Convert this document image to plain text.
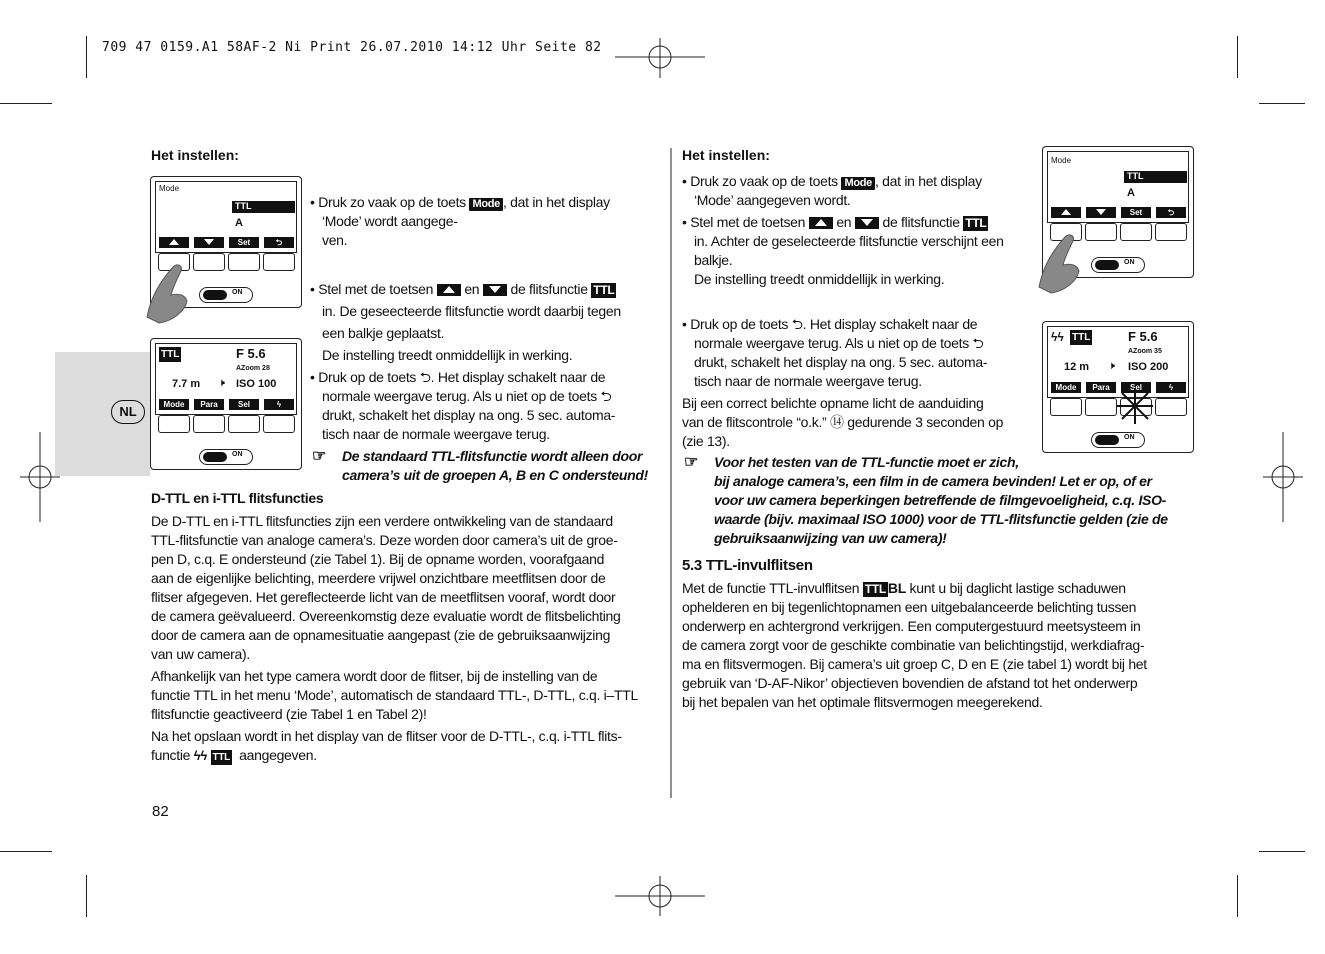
709 47 0159.A1 58AF-2 Ni Print 26.07.2010 14:12 Uhr Seite 82
NL
Mode
TTL
A
Set	⮌
ON
TTL	F 5.6
AZoom 28
7.7 m 🕨 ISO 100
Mode	Para	Sel	ϟ
ON
Het instellen:
• Druk zo vaak op de toets Mode , dat in het display
‘Mode’ wordt aangege-
ven.
• Stel met de toetsen en de flitsfunctie TTL
in. De geseecteerde flitsfunctie wordt daarbij tegen
een balkje geplaatst.
De instelling treedt onmiddellijk in werking.
• Druk op de toets ⮌. Het display schakelt naar de
normale weergave terug. Als u niet op de toets ⮌
drukt, schakelt het display na ong. 5 sec. automa-
tisch naar de normale weergave terug.
☞	De standaard TTL-flitsfunctie wordt alleen door
camera’s uit de groepen A, B en C ondersteund!
D-TTL en i-TTL flitsfuncties
De D-TTL en i-TTL flitsfuncties zijn een verdere ontwikkeling van de standaard
TTL-flitsfunctie van analoge camera’s. Deze worden door camera’s uit de groe-
pen D, c.q. E ondersteund (zie Tabel 1). Bij de opname worden, voorafgaand
aan de eigenlijke belichting, meerdere vrijwel onzichtbare meetflitsen door de
flitser afgegeven. Het gereflecteerde licht van de meetflitsen vooraf, wordt door
de camera geëvalueerd. Overeenkomstig deze evaluatie wordt de flitsbelichting
door de camera aan de opnamesituatie aangepast (zie de gebruiksaanwijzing
van uw camera).
Afhankelijk van het type camera wordt door de flitser, bij de instelling van de
functie TTL in het menu ‘Mode’, automatisch de standaard TTL-, D-TTL, c.q. i–TTL
flitsfunctie geactiveerd (zie Tabel 1 en Tabel 2)!
Na het opslaan wordt in het display van de flitser voor de D-TTL-, c.q. i-TTL flits-
functie ϟϟ TTL aangegeven.
82
Mode
TTL
A
Set	⮌
ON
ϟϟ TTL	F 5.6
AZoom 35
12 m 🕨 ISO 200
Mode	Para	Sel	ϟ
ON
Het instellen:
• Druk zo vaak op de toets Mode , dat in het display
‘Mode’ aangegeven wordt.
• Stel met de toetsen en de flitsfunctie TTL
in. Achter de geselecteerde flitsfunctie verschijnt een
balkje.
De instelling treedt onmiddellijk in werking.
• Druk op de toets ⮌. Het display schakelt naar de
normale weergave terug. Als u niet op de toets ⮌
drukt, schakelt het display na ong. 5 sec. automa-
tisch naar de normale weergave terug.
Bij een correct belichte opname licht de aanduiding
van de flitscontrole “o.k.” ⑭ gedurende 3 seconden op
(zie 13).
☞	Voor het testen van de TTL-functie moet er zich,
bij analoge camera’s, een film in de camera bevinden! Let er op, of er
voor uw camera beperkingen betreffende de filmgevoeligheid, c.q. ISO-
waarde (bijv. maximaal ISO 1000) voor de TTL-flitsfunctie gelden (zie de
gebruiksaanwijzing van uw camera)!
5.3 TTL-invulflitsen
Met de functie TTL-invulflitsen TTL BL kunt u bij daglicht lastige schaduwen
ophelderen en bij tegenlichtopnamen een uitgebalanceerde belichting tussen
onderwerp en achtergrond verkrijgen. Een computergestuurd meetsysteem in
de camera zorgt voor de geschikte combinatie van belichtingstijd, werkdiafrag-
ma en flitsvermogen. Bij camera’s uit groep C, D en E (zie tabel 1) wordt bij het
gebruik van ‘D-AF-Nikor’ objectieven bovendien de afstand tot het onderwerp
bij het bepalen van het optimale flitsvermogen meegerekend.
